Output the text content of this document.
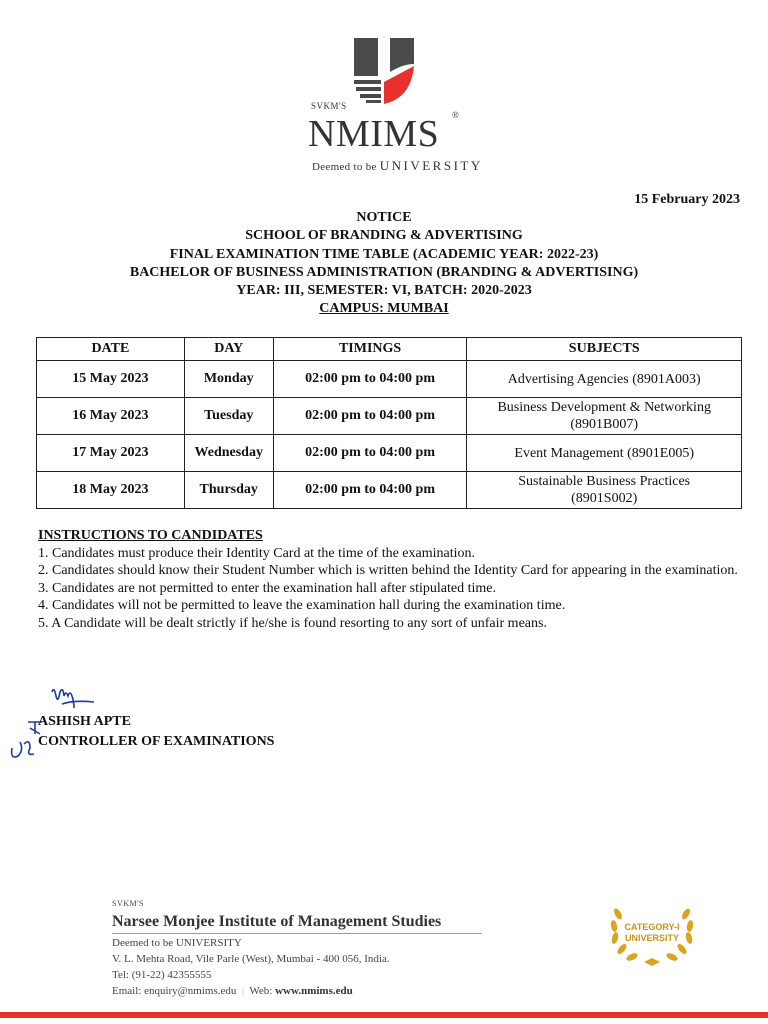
SVKM'S
NMIMS ®
Deemed to be UNIVERSITY
15 February 2023
NOTICE
SCHOOL OF BRANDING & ADVERTISING
FINAL EXAMINATION TIME TABLE (ACADEMIC YEAR: 2022-23)
BACHELOR OF BUSINESS ADMINISTRATION (BRANDING & ADVERTISING)
YEAR: III, SEMESTER: VI, BATCH: 2020-2023
CAMPUS: MUMBAI
DATE	DAY	TIMINGS	SUBJECTS
15 May 2023	Monday	02:00 pm to 04:00 pm	Advertising Agencies (8901A003)
16 May 2023	Tuesday	02:00 pm to 04:00 pm	Business Development & Networking
(8901B007)
17 May 2023	Wednesday	02:00 pm to 04:00 pm	Event Management (8901E005)
18 May 2023	Thursday	02:00 pm to 04:00 pm	Sustainable Business Practices
(8901S002)

INSTRUCTIONS TO CANDIDATES

1. Candidates must produce their Identity Card at the time of the examination.

2. Candidates should know their Student Number which is written behind the Identity Card for appearing in the examination.

3. Candidates are not permitted to enter the examination hall after stipulated time.

4. Candidates will not be permitted to leave the examination hall during the examination time.

5. A Candidate will be dealt strictly if he/she is found resorting to any sort of unfair means.

ASHISH APTE
CONTROLLER OF EXAMINATIONS
SVKM'S
Narsee Monjee Institute of Management Studies
Deemed to be UNIVERSITY
V. L. Mehta Road, Vile Parle (West), Mumbai - 400 056, India.
Tel: (91-22) 42355555
Email: enquiry@nmims.edu  |  Web: www.nmims.edu
CATEGORY-I
UNIVERSITY
